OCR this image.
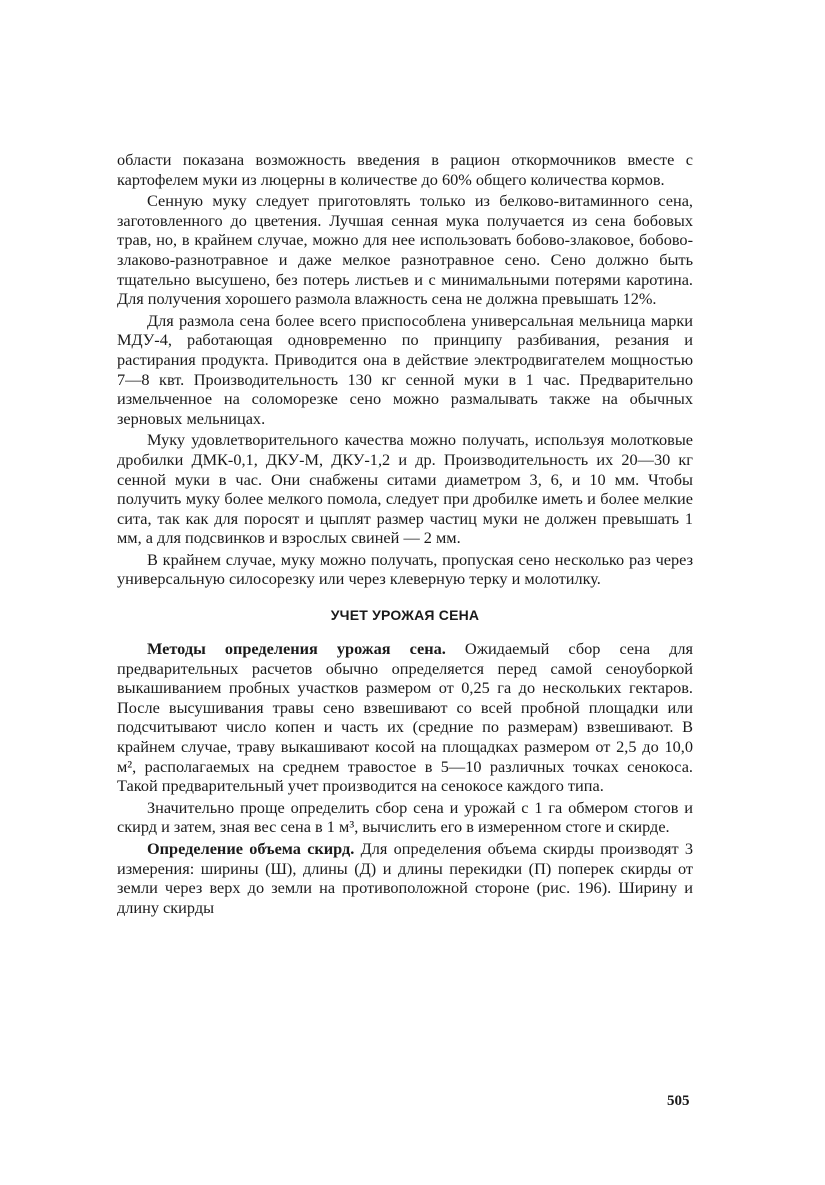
области показана возможность введения в рацион откормочников вместе с картофелем муки из люцерны в количестве до 60% общего количества кормов.

Сенную муку следует приготовлять только из белково-витаминного сена, заготовленного до цветения. Лучшая сенная мука получается из сена бобовых трав, но, в крайнем случае, можно для нее использовать бобово-злаковое, бобово-злаково-разнотравное и даже мелкое разнотравное сено. Сено должно быть тщательно высушено, без потерь листьев и с минимальными потерями каротина. Для получения хорошего размола влажность сена не должна превышать 12%.

Для размола сена более всего приспособлена универсальная мельница марки МДУ-4, работающая одновременно по принципу разбивания, резания и растирания продукта. Приводится она в действие электродвигателем мощностью 7—8 квт. Производительность 130 кг сенной муки в 1 час. Предварительно измельченное на соломорезке сено можно размалывать также на обычных зерновых мельницах.

Муку удовлетворительного качества можно получать, используя молотковые дробилки ДМК-0,1, ДКУ-М, ДКУ-1,2 и др. Производительность их 20—30 кг сенной муки в час. Они снабжены ситами диаметром 3, 6, и 10 мм. Чтобы получить муку более мелкого помола, следует при дробилке иметь и более мелкие сита, так как для поросят и цыплят размер частиц муки не должен превышать 1 мм, а для подсвинков и взрослых свиней — 2 мм.

В крайнем случае, муку можно получать, пропуская сено несколько раз через универсальную силосорезку или через клеверную терку и молотилку.

УЧЕТ УРОЖАЯ СЕНА

Методы определения урожая сена. Ожидаемый сбор сена для предварительных расчетов обычно определяется перед самой сеноуборкой выкашиванием пробных участков размером от 0,25 га до нескольких гектаров. После высушивания травы сено взвешивают со всей пробной площадки или подсчитывают число копен и часть их (средние по размерам) взвешивают. В крайнем случае, траву выкашивают косой на площадках размером от 2,5 до 10,0 м², располагаемых на среднем травостое в 5—10 различных точках сенокоса. Такой предварительный учет производится на сенокосе каждого типа.

Значительно проще определить сбор сена и урожай с 1 га обмером стогов и скирд и затем, зная вес сена в 1 м³, вычислить его в измеренном стоге и скирде.

Определение объема скирд. Для определения объема скирды производят 3 измерения: ширины (Ш), длины (Д) и длины перекидки (П) поперек скирды от земли через верх до земли на противоположной стороне (рис. 196). Ширину и длину скирды

505
